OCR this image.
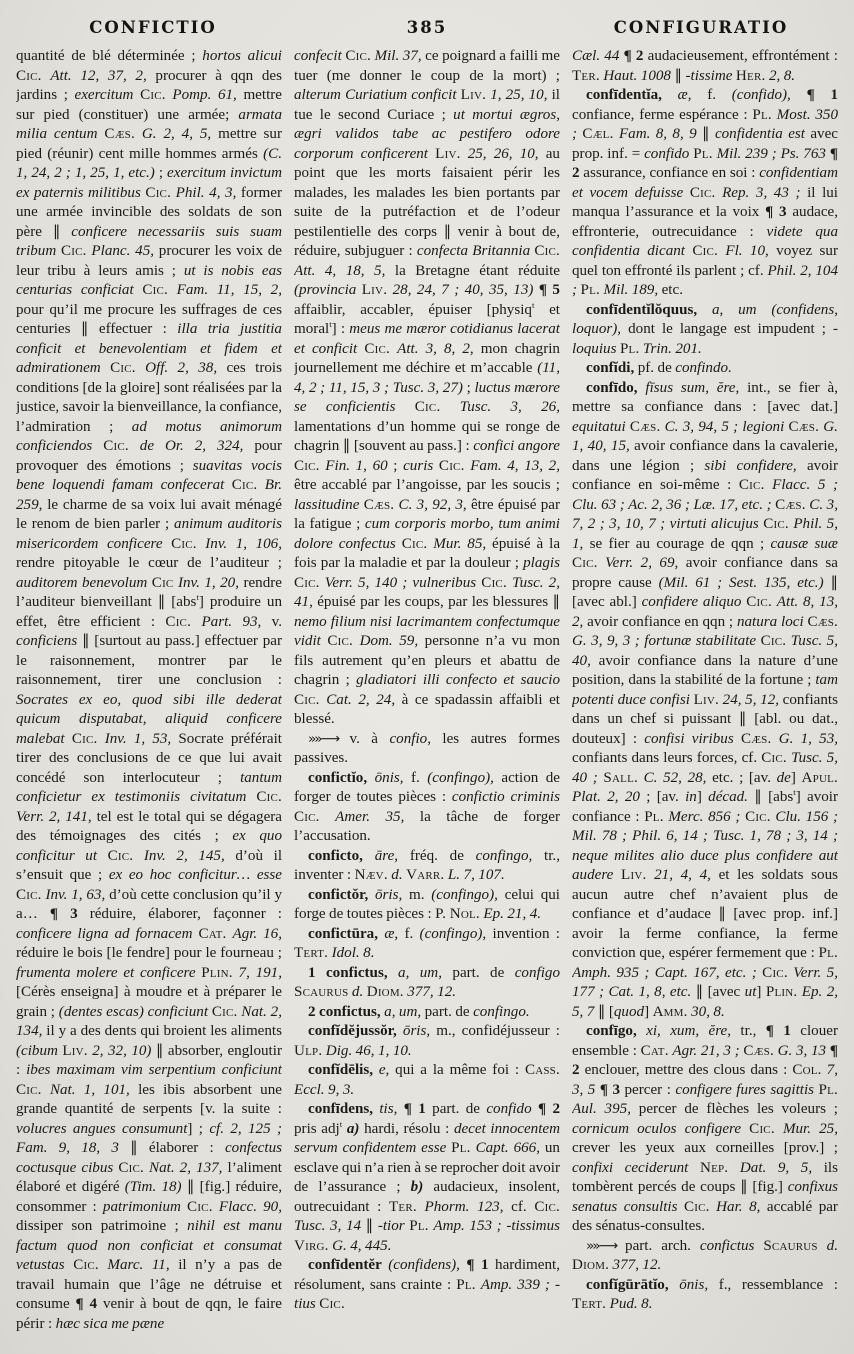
CONFICTIO	385	CONFIGURATIO

quantité de blé déterminée ; hortos alicui Cic. Att. 12, 37, 2, procurer à qqn des jardins ; exercitum Cic. Pomp. 61, mettre sur pied (constituer) une armée; armata milia centum Cæs. G. 2, 4, 5, mettre sur pied (réunir) cent mille hommes armés (C. 1, 24, 2 ; 1, 25, 1, etc.) ; exercitum invictum ex paternis militibus Cic. Phil. 4, 3, former une armée invincible des soldats de son père ∥ conficere necessariis suis suam tribum Cic. Planc. 45, procurer les voix de leur tribu à leurs amis ; ut is nobis eas centurias conficiat Cic. Fam. 11, 15, 2, pour qu’il me procure les suffrages de ces centuries ∥ effectuer : illa tria justitia conficit et benevolentiam et fidem et admirationem Cic. Off. 2, 38, ces trois conditions [de la gloire] sont réalisées par la justice, savoir la bienveillance, la confiance, l’admiration ; ad motus animorum conficiendos Cic. de Or. 2, 324, pour provoquer des émotions ; suavitas vocis bene loquendi famam confecerat Cic. Br. 259, le charme de sa voix lui avait ménagé le renom de bien parler ; animum auditoris misericordem conficere Cic. Inv. 1, 106, rendre pitoyable le cœur de l’auditeur ; auditorem benevolum Cic Inv. 1, 20, rendre l’auditeur bienveillant ∥ [abs$^t$] produire un effet, être efficient : Cic. Part. 93, v. conficiens ∥ [surtout au pass.] effectuer par le raisonnement, montrer par le raisonnement, tirer une conclusion : Socrates ex eo, quod sibi ille dederat quicum disputabat, aliquid conficere malebat Cic. Inv. 1, 53, Socrate préférait tirer des conclusions de ce que lui avait concédé son interlocuteur ; tantum conficietur ex testimoniis civitatum Cic. Verr. 2, 141, tel est le total qui se dégagera des témoignages des cités ; ex quo conficitur ut Cic. Inv. 2, 145, d’où il s’ensuit que ; ex eo hoc conficitur… esse Cic. Inv. 1, 63, d’où cette conclusion qu’il y a… ¶ 3 réduire, élaborer, façonner : conficere ligna ad fornacem Cat. Agr. 16, réduire le bois [le fendre] pour le fourneau ; frumenta molere et conficere Plin. 7, 191, [Cérès enseigna] à moudre et à préparer le grain ; (dentes escas) conficiunt Cic. Nat. 2, 134, il y a des dents qui broient les aliments (cibum Liv. 2, 32, 10) ∥ absorber, engloutir : ibes maximam vim serpentium conficiunt Cic. Nat. 1, 101, les ibis absorbent une grande quantité de serpents [v. la suite : volucres angues consumunt] ; cf. 2, 125 ; Fam. 9, 18, 3 ∥ élaborer : confectus coctusque cibus Cic. Nat. 2, 137, l’aliment élaboré et digéré (Tim. 18) ∥ [fig.] réduire, consommer : patrimonium Cic. Flacc. 90, dissiper son patrimoine ; nihil est manu factum quod non conficiat et consumat vetustas Cic. Marc. 11, il n’y a pas de travail humain que l’âge ne détruise et consume ¶ 4 venir à bout de qqn, le faire périr : hæc sica me pæne

confecit Cic. Mil. 37, ce poignard a failli me tuer (me donner le coup de la mort) ; alterum Curiatium conficit Liv. 1, 25, 10, il tue le second Curiace ; ut mortui ægros, ægri validos tabe ac pestifero odore corporum conficerent Liv. 25, 26, 10, au point que les morts faisaient périr les malades, les malades les bien portants par suite de la putréfaction et de l’odeur pestilentielle des corps ∥ venir à bout de, réduire, subjuguer : confecta Britannia Cic. Att. 4, 18, 5, la Bretagne étant réduite (provincia Liv. 28, 24, 7 ; 40, 35, 13) ¶ 5 affaiblir, accabler, épuiser [physiq$^t$ et moral$^t$] : meus me mæror cotidianus lacerat et conficit Cic. Att. 3, 8, 2, mon chagrin journellement me déchire et m’accable (11, 4, 2 ; 11, 15, 3 ; Tusc. 3, 27) ; luctus mærore se conficientis Cic. Tusc. 3, 26, lamentations d’un homme qui se ronge de chagrin ∥ [souvent au pass.] : confici angore Cic. Fin. 1, 60 ; curis Cic. Fam. 4, 13, 2, être accablé par l’angoisse, par les soucis ; lassitudine Cæs. C. 3, 92, 3, être épuisé par la fatigue ; cum corporis morbo, tum animi dolore confectus Cic. Mur. 85, épuisé à la fois par la maladie et par la douleur ; plagis Cic. Verr. 5, 140 ; vulneribus Cic. Tusc. 2, 41, épuisé par les coups, par les blessures ∥ nemo filium nisi lacrimantem confectumque vidit Cic. Dom. 59, personne n’a vu mon fils autrement qu’en pleurs et abattu de chagrin ; gladiatori illi confecto et saucio Cic. Cat. 2, 24, à ce spadassin affaibli et blessé.

»»⟶ v. à confio, les autres formes passives.

confictĭo, ōnis, f. (confingo), action de forger de toutes pièces : confictio criminis Cic. Amer. 35, la tâche de forger l’accusation.

conficto, āre, fréq. de confingo, tr., inventer : Næv. d. Varr. L. 7, 107.

confictŏr, ōris, m. (confingo), celui qui forge de toutes pièces : P. Nol. Ep. 21, 4.

confictūra, æ, f. (confingo), invention : Tert. Idol. 8.

1 confictus, a, um, part. de configo Scaurus d. Diom. 377, 12.

2 confictus, a, um, part. de confingo.

confĭdĕjussŏr, ōris, m., confidéjusseur : Ulp. Dig. 46, 1, 10.

confĭdēlis, e, qui a la même foi : Cass. Eccl. 9, 3.

confīdens, tis, ¶ 1 part. de confido ¶ 2 pris adj$^t$ a) hardi, résolu : decet innocentem servum confidentem esse Pl. Capt. 666, un esclave qui n’a rien à se reprocher doit avoir de l’assurance ; b) audacieux, insolent, outrecuidant : Ter. Phorm. 123, cf. Cic. Tusc. 3, 14 ∥ -tior Pl. Amp. 153 ; -tissimus Virg. G. 4, 445.

confīdentĕr (confidens), ¶ 1 hardiment, résolument, sans crainte : Pl. Amp. 339 ; -tius Cic.

Cæl. 44 ¶ 2 audacieusement, effrontément : Ter. Haut. 1008 ∥ -tissime Her. 2, 8.

confīdentĭa, æ, f. (confido), ¶ 1 confiance, ferme espérance : Pl. Most. 350 ; Cæl. Fam. 8, 8, 9 ∥ confidentia est avec prop. inf. = confido Pl. Mil. 239 ; Ps. 763 ¶ 2 assurance, confiance en soi : confidentiam et vocem defuisse Cic. Rep. 3, 43 ; il lui manqua l’assurance et la voix ¶ 3 audace, effronterie, outrecuidance : videte qua confidentia dicant Cic. Fl. 10, voyez sur quel ton effronté ils parlent ; cf. Phil. 2, 104 ; Pl. Mil. 189, etc.

confīdentĭlŏquus, a, um (confidens, loquor), dont le langage est impudent ; -loquius Pl. Trin. 201.

confĭdi, pf. de confindo.

confīdo, fīsus sum, ĕre, int., se fier à, mettre sa confiance dans : [avec dat.] equitatui Cæs. C. 3, 94, 5 ; legioni Cæs. G. 1, 40, 15, avoir confiance dans la cavalerie, dans une légion ; sibi confidere, avoir confiance en soi-même : Cic. Flacc. 5 ; Clu. 63 ; Ac. 2, 36 ; Læ. 17, etc. ; Cæs. C. 3, 7, 2 ; 3, 10, 7 ; virtuti alicujus Cic. Phil. 5, 1, se fier au courage de qqn ; causæ suæ Cic. Verr. 2, 69, avoir confiance dans sa propre cause (Mil. 61 ; Sest. 135, etc.) ∥ [avec abl.] confidere aliquo Cic. Att. 8, 13, 2, avoir confiance en qqn ; natura loci Cæs. G. 3, 9, 3 ; fortunæ stabilitate Cic. Tusc. 5, 40, avoir confiance dans la nature d’une position, dans la stabilité de la fortune ; tam potenti duce confisi Liv. 24, 5, 12, confiants dans un chef si puissant ∥ [abl. ou dat., douteux] : confisi viribus Cæs. G. 1, 53, confiants dans leurs forces, cf. Cic. Tusc. 5, 40 ; Sall. C. 52, 28, etc. ; [av. de] Apul. Plat. 2, 20 ; [av. in] décad. ∥ [abs$^t$] avoir confiance : Pl. Merc. 856 ; Cic. Clu. 156 ; Mil. 78 ; Phil. 6, 14 ; Tusc. 1, 78 ; 3, 14 ; neque milites alio duce plus confidere aut audere Liv. 21, 4, 4, et les soldats sous aucun autre chef n’avaient plus de confiance et d’audace ∥ [avec prop. inf.] avoir la ferme confiance, la ferme conviction que, espérer fermement que : Pl. Amph. 935 ; Capt. 167, etc. ; Cic. Verr. 5, 177 ; Cat. 1, 8, etc. ∥ [avec ut] Plin. Ep. 2, 5, 7 ∥ [quod] Amm. 30, 8.

confīgo, xi, xum, ĕre, tr., ¶ 1 clouer ensemble : Cat. Agr. 21, 3 ; Cæs. G. 3, 13 ¶ 2 enclouer, mettre des clous dans : Col. 7, 3, 5 ¶ 3 percer : configere fures sagittis Pl. Aul. 395, percer de flèches les voleurs ; cornicum oculos configere Cic. Mur. 25, crever les yeux aux corneilles [prov.] ; confixi ceciderunt Nep. Dat. 9, 5, ils tombèrent percés de coups ∥ [fig.] confixus senatus consultis Cic. Har. 8, accablé par des sénatus-consultes.

»»⟶ part. arch. confictus Scaurus d. Diom. 377, 12.

confĭgūrātĭo, ōnis, f., ressemblance : Tert. Pud. 8.
